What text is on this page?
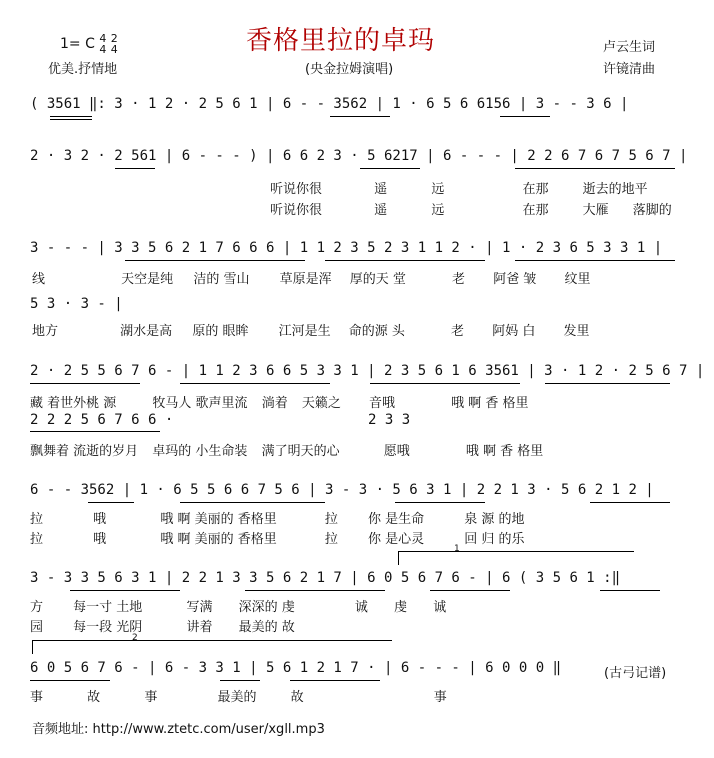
1= C 4
4

2
4	香格里拉的卓玛
优美.抒情地	(央金拉姆演唱)
卢云生词
许镜清曲
( 3561 ‖: 3 · 1 2 · 2 5 6 1 | 6 - - 3562 | 1 · 6 5 6 6156 | 3 - - 3 6 |
2 · 3 2 · 2 561 | 6 - - - ) | 6 6 2 3 · 5 6217 | 6 - - - | 2 2 6 7 6 7 5 6 7 |
听说你很	遥	远	在那	逝去的地平
听说你很	遥	远	在那	大雁 落脚的
3 - - - | 3 3 5 6 2 1 7 6 6 6 | 1 1 2 3 5 2 3 1 1 2 · | 1 · 2 3 6 5 3 3 1 |
线	天空是纯 洁的 雪山 草原是浑 厚的天 堂	老 阿爸 皱 纹里
5 3 · 3 - |
地方	湖水是高 原的 眼眸 江河是生 命的源 头	老 阿妈 白 发里
2 · 2 5 5 6 7 6 - | 1 1 2 3 6 6 5 3 3 1 | 2 3 5 6 1 6 3561 | 3 · 1 2 · 2 5 6 7 |
藏 着世外桃 源	牧马人 歌声里流 淌着 天籁之 音哦	哦 啊 香 格里
2 2 2 5 6 7 6 6 ·	2 3 3
飘舞着 流逝的岁月 卓玛的 小生命装 满了明天的心	愿哦	哦 啊 香 格里
6 - - 3562 | 1 · 6 5 5 6 6 7 5 6 | 3 - 3 · 5 6 3 1 | 2 2 1 3 · 5 6 2 1 2 |
拉	哦	哦 啊 美丽的 香格里	拉 你 是生命	泉 源 的地
拉	哦	哦 啊 美丽的 香格里	拉 你 是心灵	回 归 的乐
1
3 - 3 3 5 6 3 1 | 2 2 1 3 3 5 6 2 1 7 | 6 0 5 6 7 6 - | 6 ( 3 5 6 1 :‖
方 每一寸 土地	写满 深深的 虔	诚 虔 诚
园 每一段 光阴	讲着 最美的 故
2
6 0 5 6 7 6 - | 6 - 3 3 1 | 5 6 1 2 1 7 · | 6 - - - | 6 0 0 0 ‖	(古弓记谱)
事	故	事	最美的	故	事
音频地址: http://www.ztetc.com/user/xgll.mp3
